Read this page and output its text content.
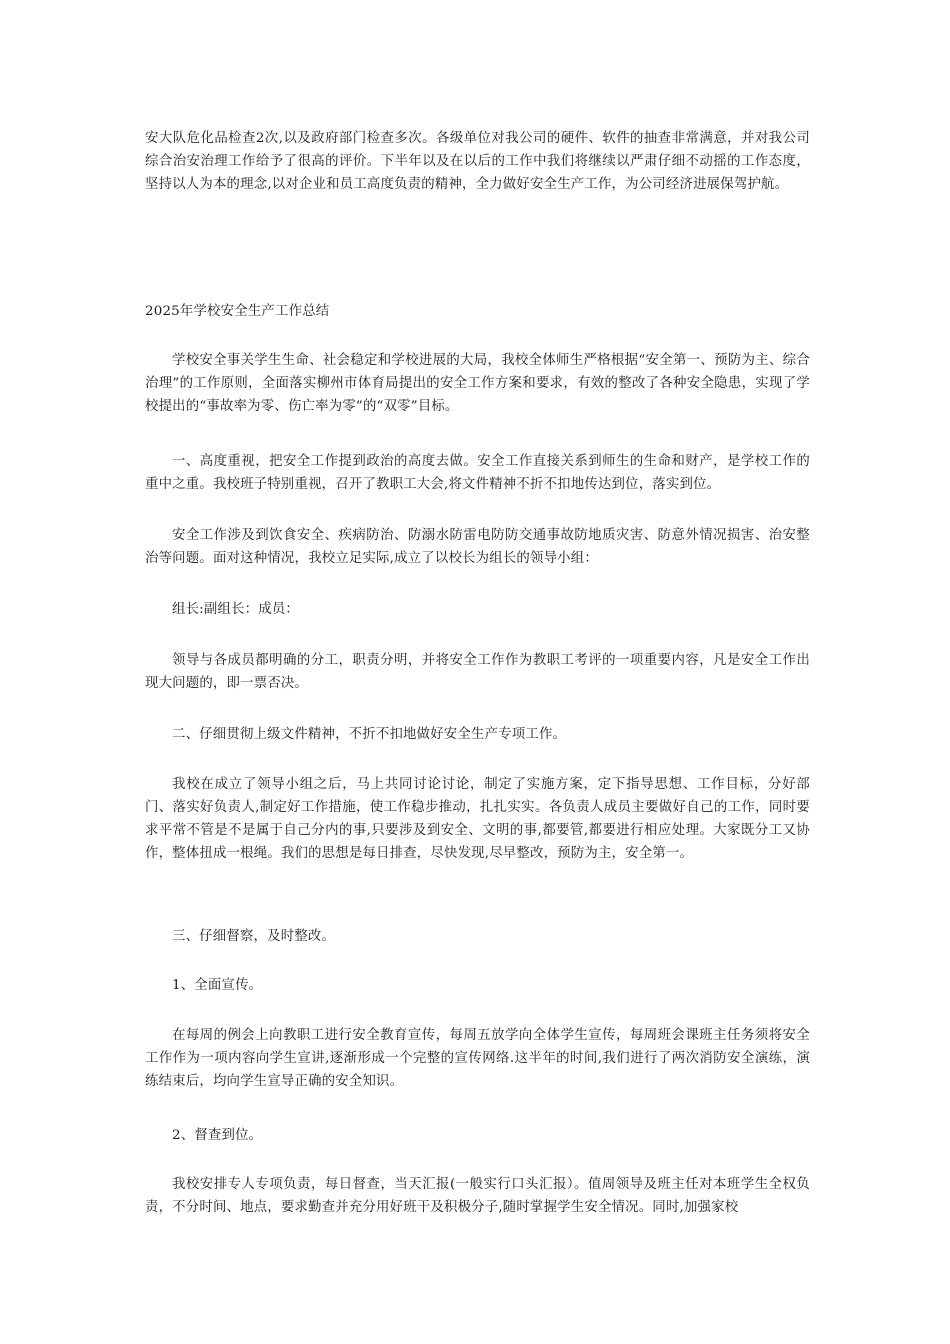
安大队危化品检查2次,以及政府部门检查多次。各级单位对我公司的硬件、软件的抽查非常满意，并对我公司综合治安治理工作给予了很高的评价。下半年以及在以后的工作中我们将继续以严肃仔细不动摇的工作态度，坚持以人为本的理念,以对企业和员工高度负责的精神，全力做好安全生产工作，为公司经济进展保驾护航。

2025年学校安全生产工作总结

学校安全事关学生生命、社会稳定和学校进展的大局，我校全体师生严格根据“安全第一、预防为主、综合治理”的工作原则，全面落实柳州市体育局提出的安全工作方案和要求，有效的整改了各种安全隐患，实现了学校提出的“事故率为零、伤亡率为零”的“双零”目标。

一、高度重视，把安全工作提到政治的高度去做。安全工作直接关系到师生的生命和财产，是学校工作的重中之重。我校班子特别重视，召开了教职工大会,将文件精神不折不扣地传达到位，落实到位。

安全工作涉及到饮食安全、疾病防治、防溺水防雷电防防交通事故防地质灾害、防意外情况损害、治安整治等问题。面对这种情况，我校立足实际,成立了以校长为组长的领导小组：

组长:副组长：成员：

领导与各成员都明确的分工，职责分明，并将安全工作作为教职工考评的一项重要内容，凡是安全工作出现大问题的，即一票否决。

二、仔细贯彻上级文件精神，不折不扣地做好安全生产专项工作。

我校在成立了领导小组之后，马上共同讨论讨论，制定了实施方案，定下指导思想、工作目标，分好部门、落实好负责人,制定好工作措施，使工作稳步推动，扎扎实实。各负责人成员主要做好自己的工作，同时要求平常不管是不是属于自己分内的事,只要涉及到安全、文明的事,都要管,都要进行相应处理。大家既分工又协作，整体扭成一根绳。我们的思想是每日排查，尽快发现,尽早整改，预防为主，安全第一。

三、仔细督察，及时整改。

1、全面宣传。

在每周的例会上向教职工进行安全教育宣传，每周五放学向全体学生宣传，每周班会课班主任务须将安全工作作为一项内容向学生宣讲,逐渐形成一个完整的宣传网络.这半年的时间,我们进行了两次消防安全演练，演练结束后，均向学生宣导正确的安全知识。

2、督查到位。

我校安排专人专项负责，每日督查，当天汇报(一般实行口头汇报）。值周领导及班主任对本班学生全权负责，不分时间、地点，要求勤查并充分用好班干及积极分子,随时掌握学生安全情况。同时,加强家校
